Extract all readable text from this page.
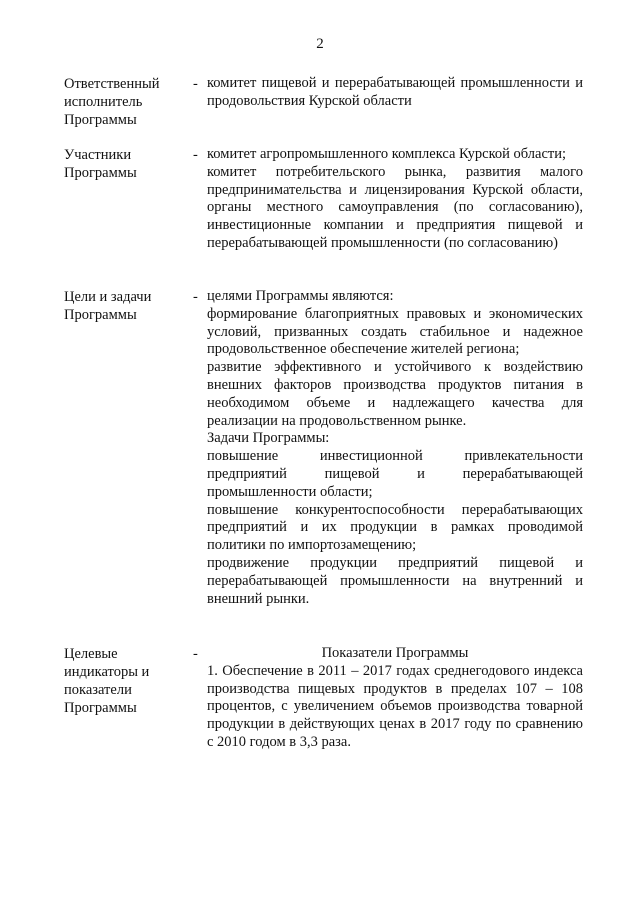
2
Ответственный исполнитель Программы
- комитет пищевой и перерабатывающей промышленности и продовольствия Курской области
Участники Программы
- комитет агропромышленного комплекса Курской области;
комитет потребительского рынка, развития малого предпринимательства и лицензирования Курской области, органы местного самоуправления (по согласованию), инвестиционные компании и предприятия пищевой и перерабатывающей промышленности (по согласованию)
Цели и задачи Программы
- целями Программы являются:
формирование благоприятных правовых и экономических условий, призванных создать стабильное и надежное продовольственное обеспечение жителей региона;
развитие эффективного и устойчивого к воздействию внешних факторов производства продуктов питания в необходимом объеме и надлежащего качества для реализации на продовольственном рынке.
Задачи Программы:
повышение инвестиционной привлекательности предприятий пищевой и перерабатывающей промышленности области;
повышение конкурентоспособности перерабатывающих предприятий и их продукции в рамках проводимой политики по импортозамещению;
продвижение продукции предприятий пищевой и перерабатывающей промышленности на внутренний и внешний рынки.
Целевые индикаторы и показатели Программы
-	Показатели Программы
1. Обеспечение в 2011 – 2017 годах среднегодового индекса производства пищевых продуктов в пределах 107 – 108 процентов, с увеличением объемов производства товарной продукции в действующих ценах в 2017 году по сравнению с 2010 годом в 3,3 раза.
